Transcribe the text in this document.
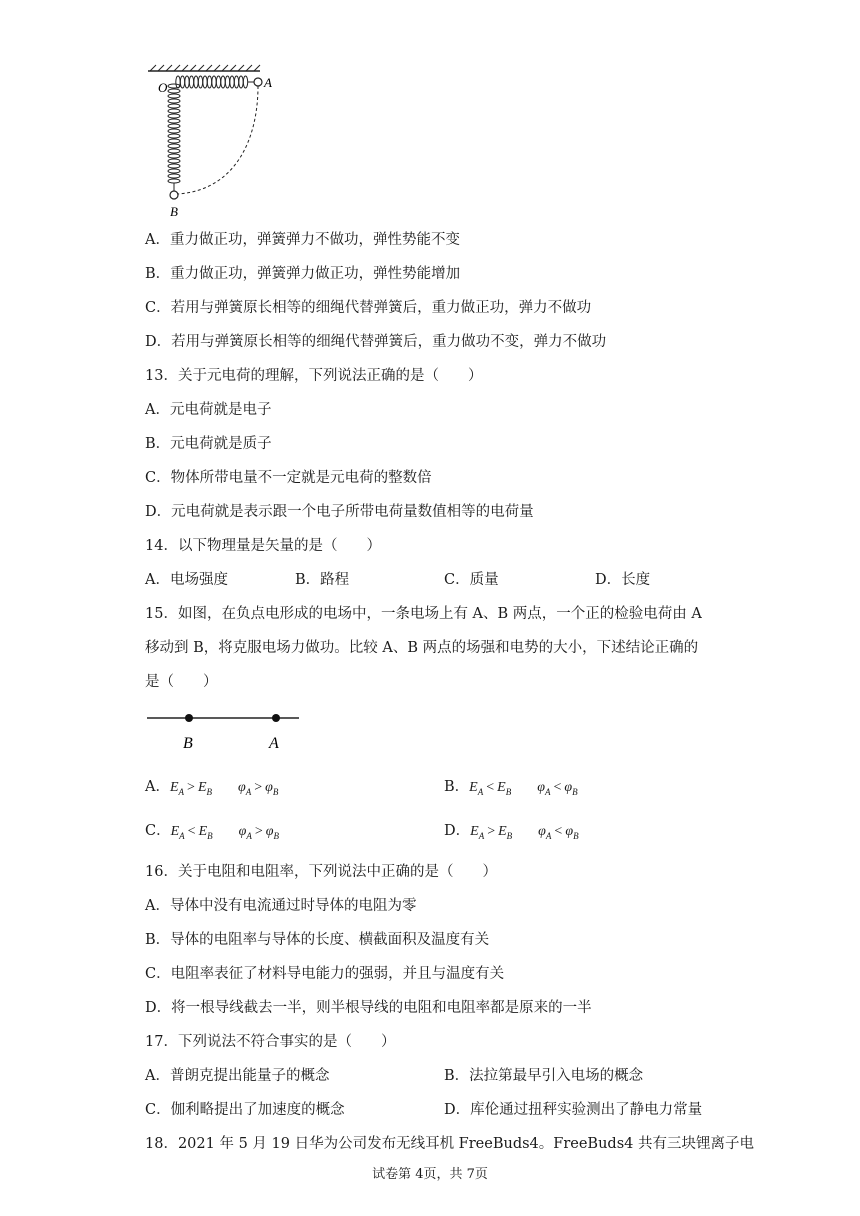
O	A
B
A．重力做正功，弹簧弹力不做功，弹性势能不变
B．重力做正功，弹簧弹力做正功，弹性势能增加
C．若用与弹簧原长相等的细绳代替弹簧后，重力做正功，弹力不做功
D．若用与弹簧原长相等的细绳代替弹簧后，重力做功不变，弹力不做功
13．关于元电荷的理解，下列说法正确的是（　　）
A．元电荷就是电子
B．元电荷就是质子
C．物体所带电量不一定就是元电荷的整数倍
D．元电荷就是表示跟一个电子所带电荷量数值相等的电荷量
14．以下物理量是矢量的是（　　）
A．电场强度	B．路程	C．质量	D．长度
15．如图，在负点电形成的电场中，一条电场上有 A、B 两点，一个正的检验电荷由 A
移动到 B，将克服电场力做功。比较 A、B 两点的场强和电势的大小，下述结论正确的
是（　　）
B	A
A．$E_A > E_B$ $\varphi_A > \varphi_B$	B．$E_A < E_B$ $\varphi_A < \varphi_B$
C．$E_A < E_B$ $\varphi_A > \varphi_B$	D．$E_A > E_B$ $\varphi_A < \varphi_B$
16．关于电阻和电阻率，下列说法中正确的是（　　）
A．导体中没有电流通过时导体的电阻为零
B．导体的电阻率与导体的长度、横截面积及温度有关
C．电阻率表征了材料导电能力的强弱，并且与温度有关
D．将一根导线截去一半，则半根导线的电阻和电阻率都是原来的一半
17．下列说法不符合事实的是（　　）
A．普朗克提出能量子的概念	B．法拉第最早引入电场的概念
C．伽利略提出了加速度的概念	D．库伦通过扭秤实验测出了静电力常量
18．2021 年 5 月 19 日华为公司发布无线耳机 FreeBuds4。FreeBuds4 共有三块锂离子电
试卷第 4页，共 7页
